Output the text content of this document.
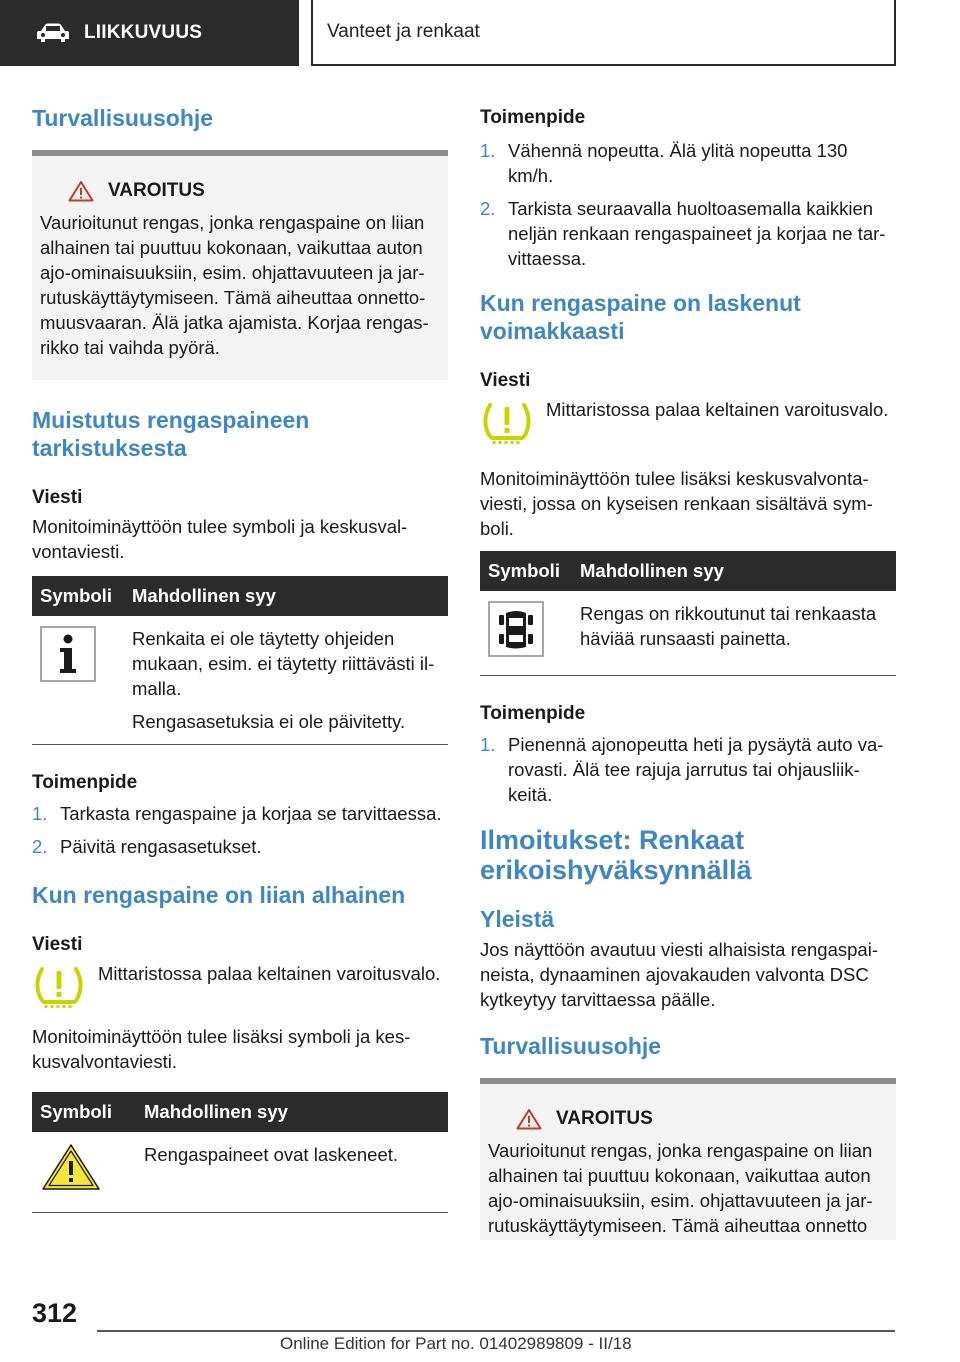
LIIKKUVUUS	Vanteet ja renkaat
Turvallisuusohje
VAROITUS

Vaurioitunut rengas, jonka rengaspaine on liian alhainen tai puuttuu kokonaan, vaikuttaa auton ajo-ominaisuuksiin, esim. ohjattavuuteen ja jarrutuskäyttäytymiseen. Tämä aiheuttaa onnettomuusvaaran. Älä jatka ajamista. Korjaa rengasrikko tai vaihda pyörä.

Muistutus rengaspaineen tarkistuksesta
Viesti

Monitoiminäyttöön tulee symboli ja keskusvalvontaviesti.

Symboli	Mahdollinen syy

Renkaita ei ole täytetty ohjeiden mukaan, esim. ei täytetty riittävästi ilmalla.

Rengasasetuksia ei ole päivitetty.

Toimenpide
1. Tarkasta rengaspaine ja korjaa se tarvittaessa.
2. Päivitä rengasasetukset.
Kun rengaspaine on liian alhainen
Viesti

Mittaristossa palaa keltainen varoitusvalo.

Monitoiminäyttöön tulee lisäksi symboli ja keskusvalvontaviesti.

Symboli	Mahdollinen syy

Rengaspaineet ovat laskeneet.

Toimenpide
1. Vähennä nopeutta. Älä ylitä nopeutta 130 km/h.
2. Tarkista seuraavalla huoltoasemalla kaikkien neljän renkaan rengaspaineet ja korjaa ne tarvittaessa.
Kun rengaspaine on laskenut voimakkaasti
Viesti

Mittaristossa palaa keltainen varoitusvalo.

Monitoiminäyttöön tulee lisäksi keskusvalvontaviesti, jossa on kyseisen renkaan sisältävä symboli.

Symboli	Mahdollinen syy

Rengas on rikkoutunut tai renkaasta häviää runsaasti painetta.

Toimenpide
1. Pienennä ajonopeutta heti ja pysäytä auto varovasti. Älä tee rajuja jarrutus tai ohjausliikkeitä.
Ilmoitukset: Renkaat erikoishyväksynnällä
Yleistä

Jos näyttöön avautuu viesti alhaisista rengaspaineista, dynaaminen ajovakauden valvonta DSC kytkeytyy tarvittaessa päälle.

Turvallisuusohje
VAROITUS

Vaurioitunut rengas, jonka rengaspaine on liian alhainen tai puuttuu kokonaan, vaikuttaa auton ajo-ominaisuuksiin, esim. ohjattavuuteen ja jarrutuskäyttäytymiseen. Tämä aiheuttaa onnetto

312
Online Edition for Part no. 01402989809 - II/18
